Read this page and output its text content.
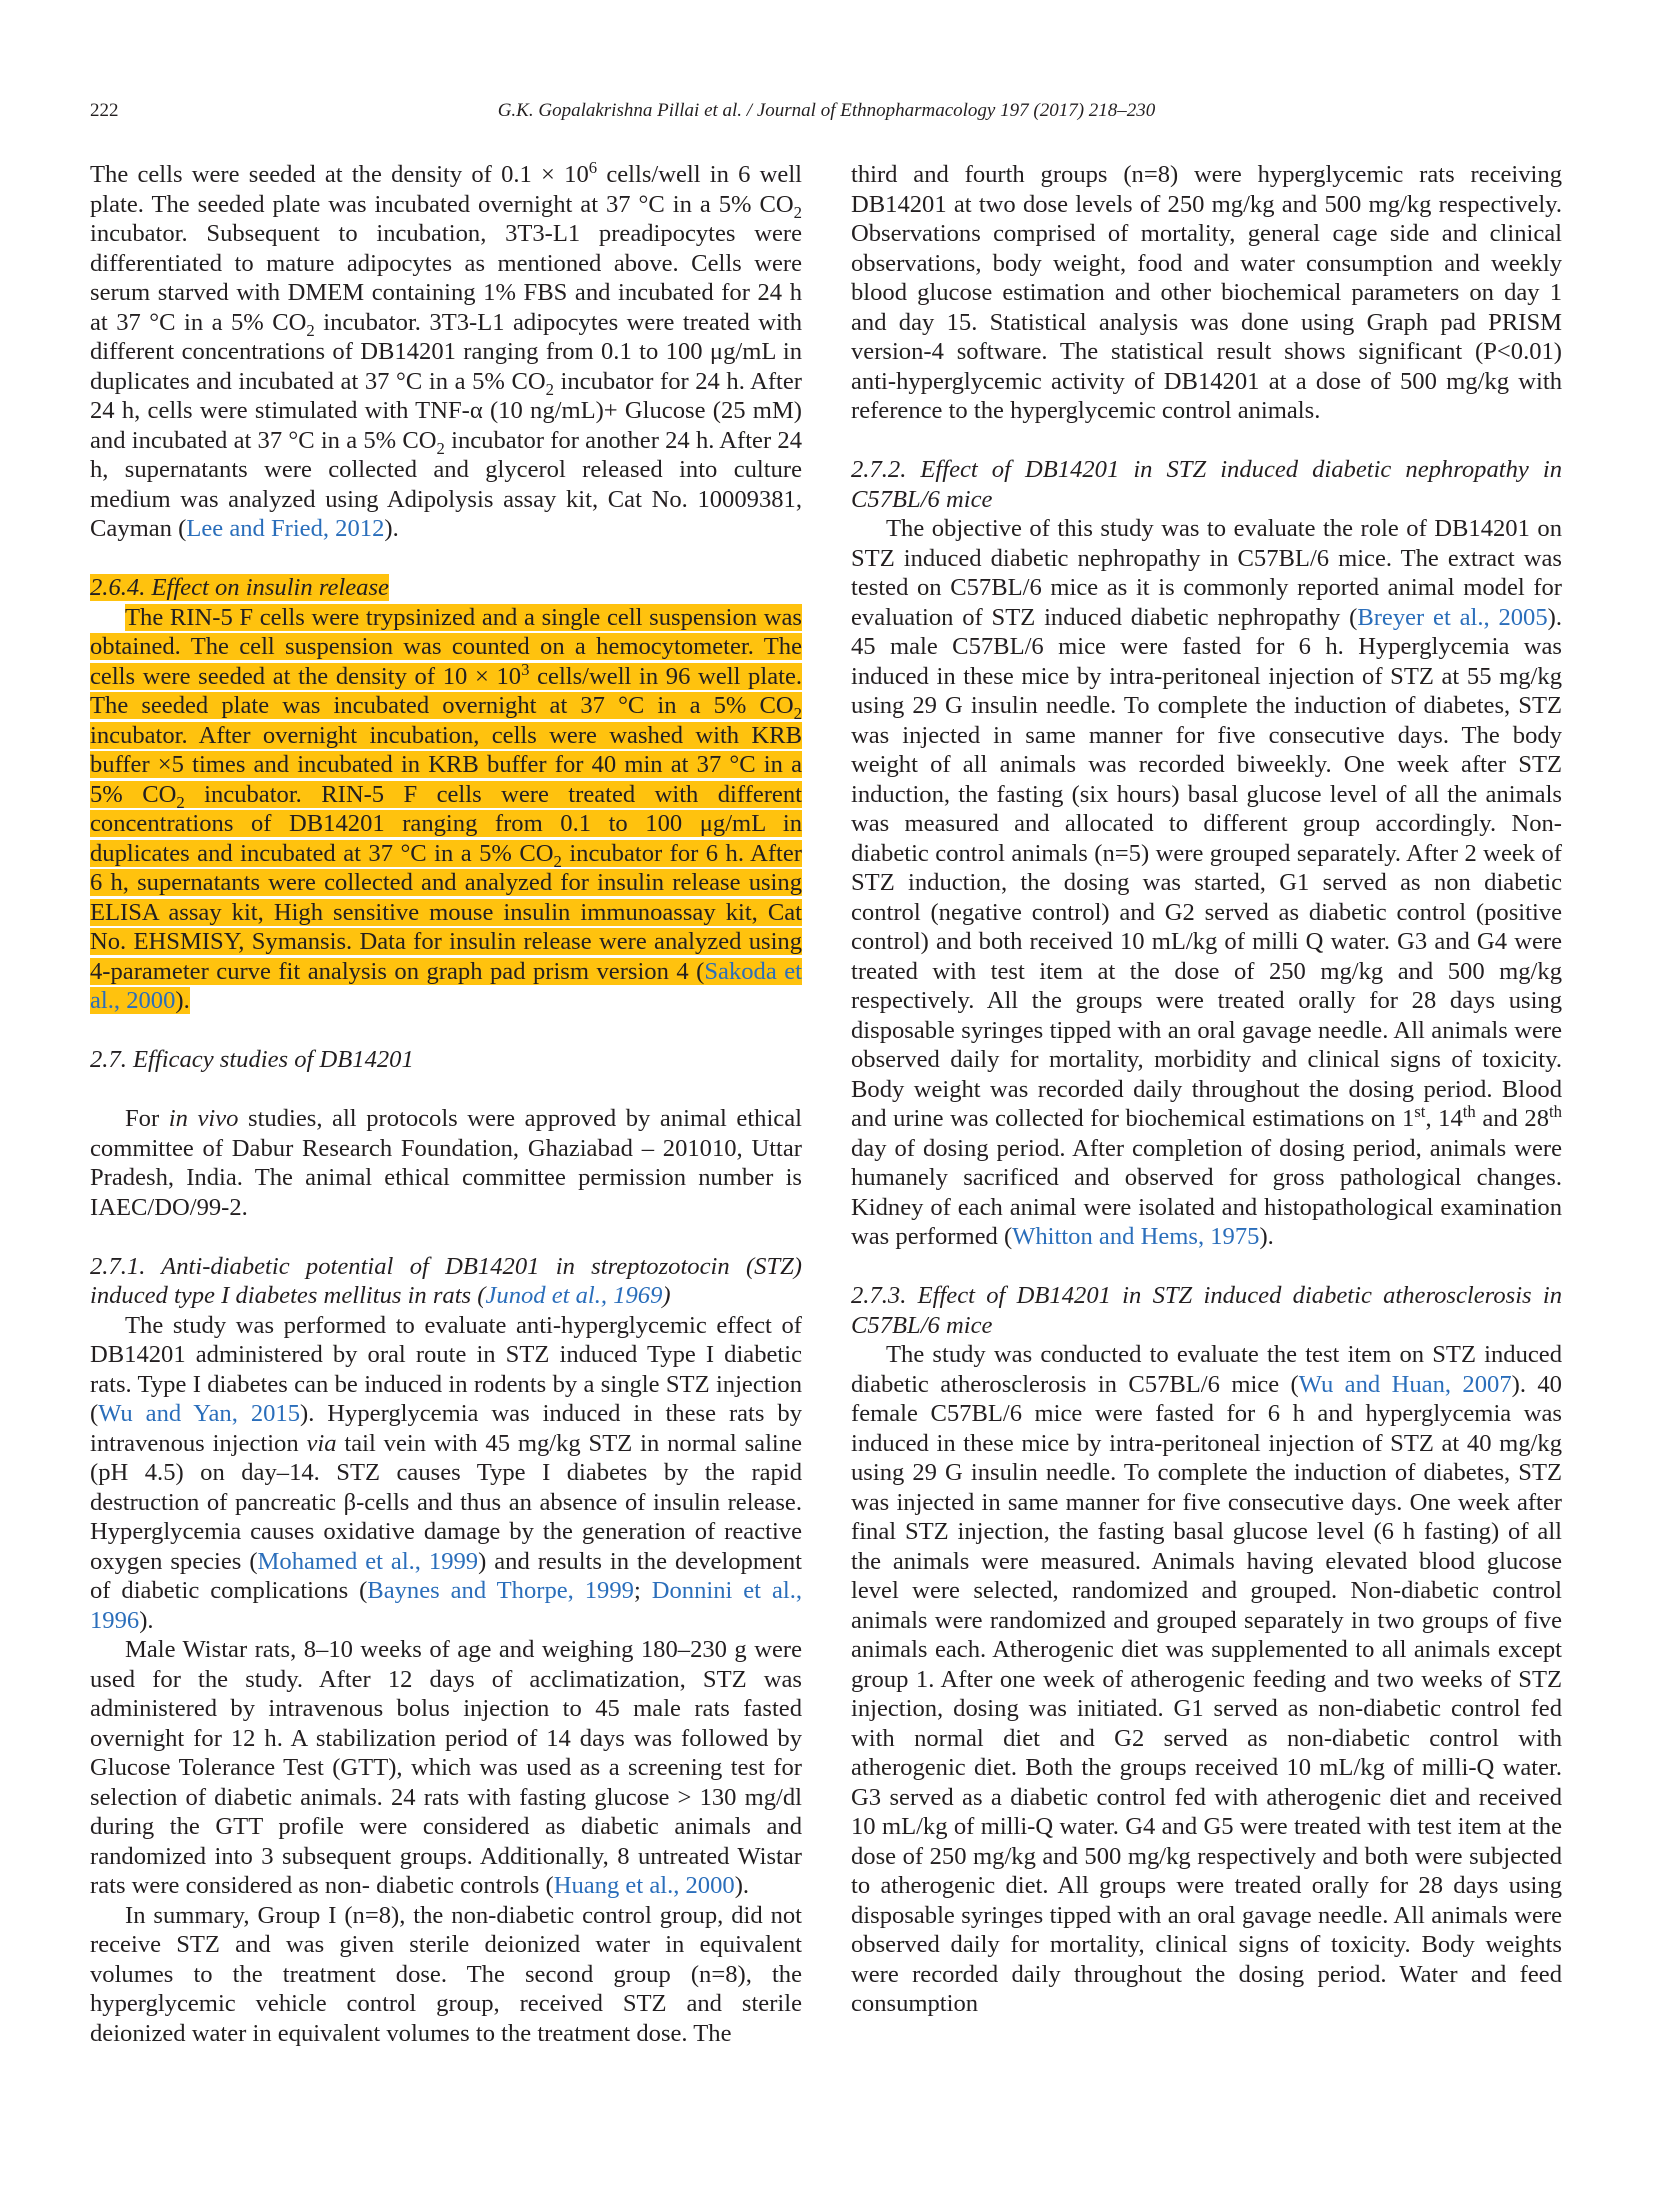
222	G.K. Gopalakrishna Pillai et al. / Journal of Ethnopharmacology 197 (2017) 218–230

The cells were seeded at the density of $0.1 \times 10^6$ cells/well in 6 well plate. The seeded plate was incubated overnight at 37 °C in a 5% $CO_2$ incubator. Subsequent to incubation, 3T3-L1 preadipocytes were differentiated to mature adipocytes as mentioned above. Cells were serum starved with DMEM containing 1% FBS and incubated for 24 h at 37 °C in a 5% $CO_2$ incubator. 3T3-L1 adipocytes were treated with different concentrations of DB14201 ranging from 0.1 to 100 μg/mL in duplicates and incubated at 37 °C in a 5% $CO_2$ incubator for 24 h. After 24 h, cells were stimulated with TNF-α (10 ng/mL)+ Glucose (25 mM) and incubated at 37 °C in a 5% $CO_2$ incubator for another 24 h. After 24 h, supernatants were collected and glycerol released into culture medium was analyzed using Adipolysis assay kit, Cat No. 10009381, Cayman (Lee and Fried, 2012).

2.6.4. Effect on insulin release

The RIN-5 F cells were trypsinized and a single cell suspension was obtained. The cell suspension was counted on a hemocytometer. The cells were seeded at the density of $10 \times 10^3$ cells/well in 96 well plate. The seeded plate was incubated overnight at 37 °C in a 5% $CO_2$ incubator. After overnight incubation, cells were washed with KRB buffer ×5 times and incubated in KRB buffer for 40 min at 37 °C in a 5% $CO_2$ incubator. RIN-5 F cells were treated with different concentrations of DB14201 ranging from 0.1 to 100 μg/mL in duplicates and incubated at 37 °C in a 5% $CO_2$ incubator for 6 h. After 6 h, supernatants were collected and analyzed for insulin release using ELISA assay kit, High sensitive mouse insulin immunoassay kit, Cat No. EHSMISY, Symansis. Data for insulin release were analyzed using 4-parameter curve fit analysis on graph pad prism version 4 (Sakoda et al., 2000).

2.7. Efficacy studies of DB14201

For in vivo studies, all protocols were approved by animal ethical committee of Dabur Research Foundation, Ghaziabad – 201010, Uttar Pradesh, India. The animal ethical committee permission number is IAEC/DO/99-2.

2.7.1. Anti-diabetic potential of DB14201 in streptozotocin (STZ) induced type I diabetes mellitus in rats (Junod et al., 1969)

The study was performed to evaluate anti-hyperglycemic effect of DB14201 administered by oral route in STZ induced Type I diabetic rats. Type I diabetes can be induced in rodents by a single STZ injection (Wu and Yan, 2015). Hyperglycemia was induced in these rats by intravenous injection via tail vein with 45 mg/kg STZ in normal saline (pH 4.5) on day–14. STZ causes Type I diabetes by the rapid destruction of pancreatic β-cells and thus an absence of insulin release. Hyperglycemia causes oxidative damage by the generation of reactive oxygen species (Mohamed et al., 1999) and results in the development of diabetic complications (Baynes and Thorpe, 1999; Donnini et al., 1996).

Male Wistar rats, 8–10 weeks of age and weighing 180–230 g were used for the study. After 12 days of acclimatization, STZ was administered by intravenous bolus injection to 45 male rats fasted overnight for 12 h. A stabilization period of 14 days was followed by Glucose Tolerance Test (GTT), which was used as a screening test for selection of diabetic animals. 24 rats with fasting glucose > 130 mg/dl during the GTT profile were considered as diabetic animals and randomized into 3 subsequent groups. Additionally, 8 untreated Wistar rats were considered as non- diabetic controls (Huang et al., 2000).

In summary, Group I (n=8), the non-diabetic control group, did not receive STZ and was given sterile deionized water in equivalent volumes to the treatment dose. The second group (n=8), the hyperglycemic vehicle control group, received STZ and sterile deionized water in equivalent volumes to the treatment dose. The

third and fourth groups (n=8) were hyperglycemic rats receiving DB14201 at two dose levels of 250 mg/kg and 500 mg/kg respectively. Observations comprised of mortality, general cage side and clinical observations, body weight, food and water consumption and weekly blood glucose estimation and other biochemical parameters on day 1 and day 15. Statistical analysis was done using Graph pad PRISM version-4 software. The statistical result shows significant (P<0.01) anti-hyperglycemic activity of DB14201 at a dose of 500 mg/kg with reference to the hyperglycemic control animals.

2.7.2. Effect of DB14201 in STZ induced diabetic nephropathy in C57BL/6 mice

The objective of this study was to evaluate the role of DB14201 on STZ induced diabetic nephropathy in C57BL/6 mice. The extract was tested on C57BL/6 mice as it is commonly reported animal model for evaluation of STZ induced diabetic nephropathy (Breyer et al., 2005). 45 male C57BL/6 mice were fasted for 6 h. Hyperglycemia was induced in these mice by intra-peritoneal injection of STZ at 55 mg/kg using 29 G insulin needle. To complete the induction of diabetes, STZ was injected in same manner for five consecutive days. The body weight of all animals was recorded biweekly. One week after STZ induction, the fasting (six hours) basal glucose level of all the animals was measured and allocated to different group accordingly. Non-diabetic control animals (n=5) were grouped separately. After 2 week of STZ induction, the dosing was started, G1 served as non diabetic control (negative control) and G2 served as diabetic control (positive control) and both received 10 mL/kg of milli Q water. G3 and G4 were treated with test item at the dose of 250 mg/kg and 500 mg/kg respectively. All the groups were treated orally for 28 days using disposable syringes tipped with an oral gavage needle. All animals were observed daily for mortality, morbidity and clinical signs of toxicity. Body weight was recorded daily throughout the dosing period. Blood and urine was collected for biochemical estimations on 1st, 14th and 28th day of dosing period. After completion of dosing period, animals were humanely sacrificed and observed for gross pathological changes. Kidney of each animal were isolated and histopathological examination was performed (Whitton and Hems, 1975).

2.7.3. Effect of DB14201 in STZ induced diabetic atherosclerosis in C57BL/6 mice

The study was conducted to evaluate the test item on STZ induced diabetic atherosclerosis in C57BL/6 mice (Wu and Huan, 2007). 40 female C57BL/6 mice were fasted for 6 h and hyperglycemia was induced in these mice by intra-peritoneal injection of STZ at 40 mg/kg using 29 G insulin needle. To complete the induction of diabetes, STZ was injected in same manner for five consecutive days. One week after final STZ injection, the fasting basal glucose level (6 h fasting) of all the animals were measured. Animals having elevated blood glucose level were selected, randomized and grouped. Non-diabetic control animals were randomized and grouped separately in two groups of five animals each. Atherogenic diet was supplemented to all animals except group 1. After one week of atherogenic feeding and two weeks of STZ injection, dosing was initiated. G1 served as non-diabetic control fed with normal diet and G2 served as non-diabetic control with atherogenic diet. Both the groups received 10 mL/kg of milli-Q water. G3 served as a diabetic control fed with atherogenic diet and received 10 mL/kg of milli-Q water. G4 and G5 were treated with test item at the dose of 250 mg/kg and 500 mg/kg respectively and both were subjected to atherogenic diet. All groups were treated orally for 28 days using disposable syringes tipped with an oral gavage needle. All animals were observed daily for mortality, clinical signs of toxicity. Body weights were recorded daily throughout the dosing period. Water and feed consumption
